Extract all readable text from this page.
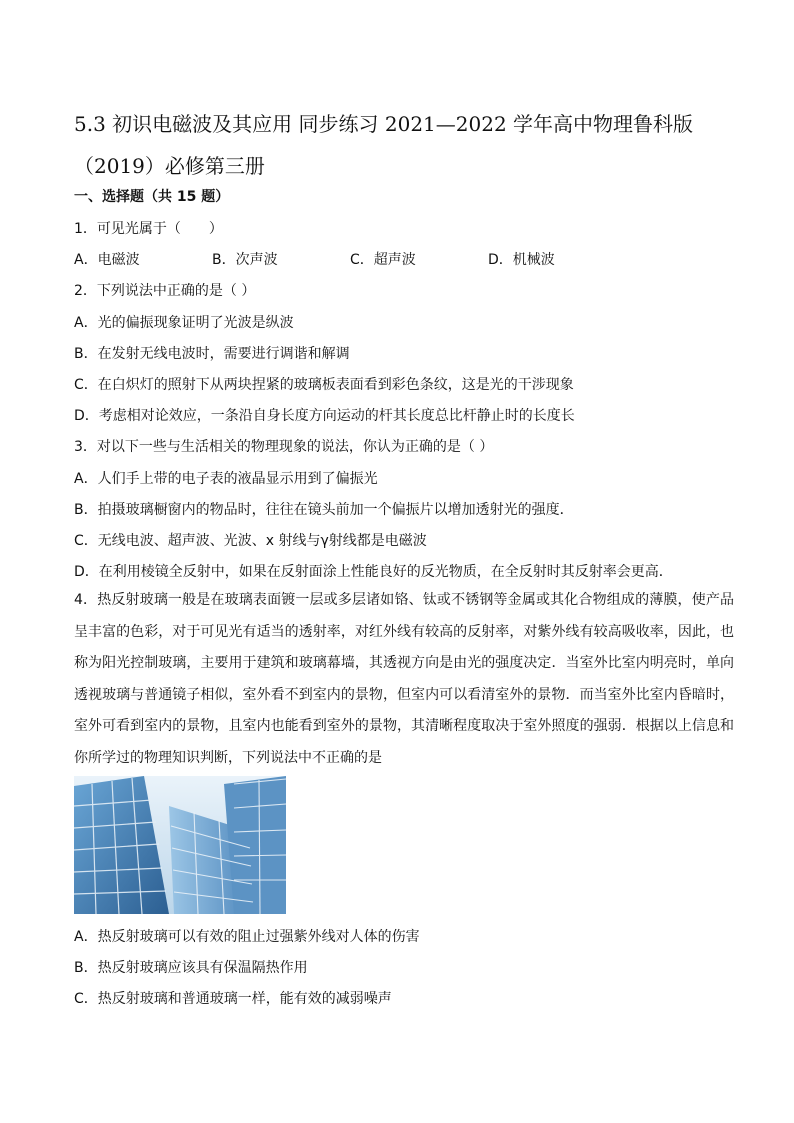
5.3 初识电磁波及其应用 同步练习 2021—2022 学年高中物理鲁科版（2019）必修第三册
一、选择题（共 15 题）
1．可见光属于（　　）
A．电磁波	B．次声波	C．超声波	D．机械波
2．下列说法中正确的是（ ）
A．光的偏振现象证明了光波是纵波
B．在发射无线电波时，需要进行调谐和解调
C．在白炽灯的照射下从两块捏紧的玻璃板表面看到彩色条纹，这是光的干涉现象
D．考虑相对论效应，一条沿自身长度方向运动的杆其长度总比杆静止时的长度长
3．对以下一些与生活相关的物理现象的说法，你认为正确的是（ ）
A．人们手上带的电子表的液晶显示用到了偏振光
B．拍摄玻璃橱窗内的物品时，往往在镜头前加一个偏振片以增加透射光的强度．
C．无线电波、超声波、光波、x 射线与γ射线都是电磁波
D．在利用棱镜全反射中，如果在反射面涂上性能良好的反光物质，在全反射时其反射率会更高．
4．热反射玻璃一般是在玻璃表面镀一层或多层诸如铬、钛或不锈钢等金属或其化合物组成的薄膜，使产品呈丰富的色彩，对于可见光有适当的透射率，对红外线有较高的反射率，对紫外线有较高吸收率，因此，也称为阳光控制玻璃，主要用于建筑和玻璃幕墙，其透视方向是由光的强度决定．当室外比室内明亮时，单向透视玻璃与普通镜子相似，室外看不到室内的景物，但室内可以看清室外的景物．而当室外比室内昏暗时，室外可看到室内的景物，且室内也能看到室外的景物，其清晰程度取决于室外照度的强弱．根据以上信息和你所学过的物理知识判断，下列说法中不正确的是
A．热反射玻璃可以有效的阻止过强紫外线对人体的伤害
B．热反射玻璃应该具有保温隔热作用
C．热反射玻璃和普通玻璃一样，能有效的减弱噪声
